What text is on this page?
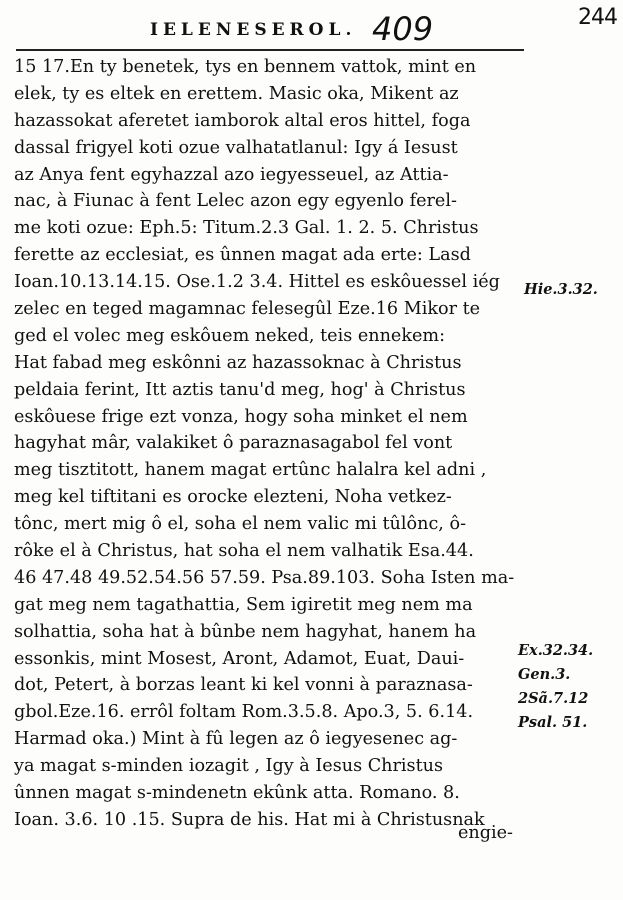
IELENESEROL. 409	244
15 17.En ty benetek, tys en bennem vattok, mint en
elek, ty es eltek en erettem. Masic oka, Mikent az
hazassokat aferetet iamborok altal eros hittel, foga
dassal frigyel koti ozue valhatatlanul: Igy á Iesust
az Anya fent egyhazzal azo iegyesseuel, az Attia-
nac, à Fiunac à fent Lelec azon egy egyenlo ferel-
me koti ozue: Eph.5: Titum.2.3 Gal. 1. 2. 5. Christus
ferette az ecclesiat, es ûnnen magat ada erte: Lasd
Ioan.10.13.14.15. Ose.1.2 3.4. Hittel es eskôuessel iég
zelec en teged magamnac felesegûl Eze.16 Mikor te
ged el volec meg eskôuem neked, teis ennekem:
Hat fabad meg eskônni az hazassoknac à Christus
peldaia ferint, Itt aztis tanu'd meg, hog' à Christus
eskôuese frige ezt vonza, hogy soha minket el nem
hagyhat mâr, valakiket ô paraznasagabol fel vont
meg tisztitott, hanem magat ertûnc halalra kel adni ,
meg kel tiftitani es orocke elezteni, Noha vetkez-
tônc, mert mig ô el, soha el nem valic mi tûlônc, ô-
rôke el à Christus, hat soha el nem valhatik Esa.44.
46 47.48 49.52.54.56 57.59. Psa.89.103. Soha Isten ma-
gat meg nem tagathattia, Sem igiretit meg nem ma
solhattia, soha hat à bûnbe nem hagyhat, hanem ha
essonkis, mint Mosest, Aront, Adamot, Euat, Daui-
dot, Petert, à borzas leant ki kel vonni à paraznasa-
gbol.Eze.16. errôl foltam Rom.3.5.8. Apo.3, 5. 6.14.
Harmad oka.) Mint à fû legen az ô iegyesenec ag-
ya magat s-minden iozagit , Igy à Iesus Christus
ûnnen magat s-mindenetn ekûnk atta. Romano. 8.
Ioan. 3.6. 10 .15. Supra de his. Hat mi à Christusnak
engie-
Hie.3.32.
Ex.32.34.
Gen.3.
2Sã.7.12
Psal. 51.
